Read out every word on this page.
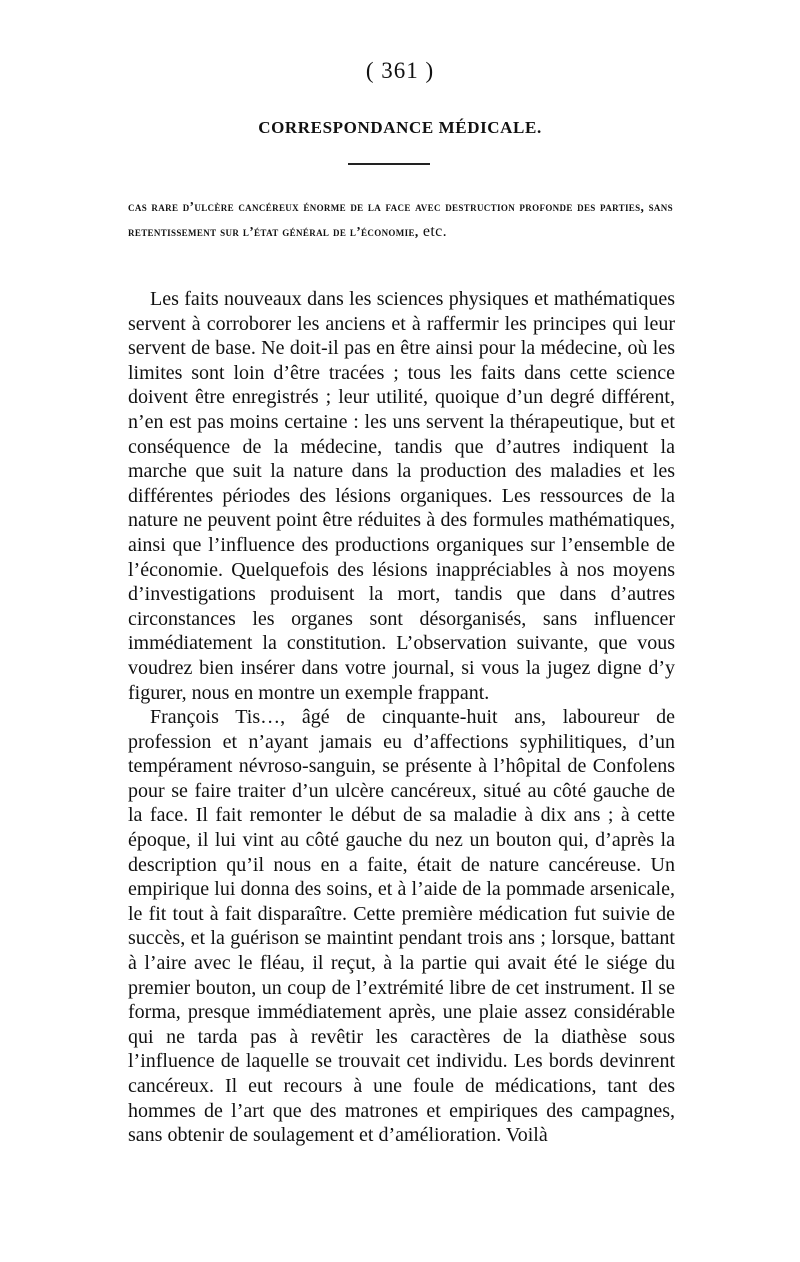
( 361 )
CORRESPONDANCE MÉDICALE.
cas rare d’ulcère cancéreux énorme de la face avec destruction profonde des parties, sans retentissement sur l’état général de l’économie, etc.

Les faits nouveaux dans les sciences physiques et mathématiques servent à corroborer les anciens et à raffermir les principes qui leur servent de base. Ne doit-il pas en être ainsi pour la médecine, où les limites sont loin d’être tracées ; tous les faits dans cette science doivent être enregistrés ; leur utilité, quoique d’un degré différent, n’en est pas moins certaine : les uns servent la thérapeutique, but et conséquence de la médecine, tandis que d’autres indiquent la marche que suit la nature dans la production des maladies et les différentes périodes des lésions organiques. Les ressources de la nature ne peuvent point être réduites à des formules mathématiques, ainsi que l’influence des productions organiques sur l’ensemble de l’économie. Quelquefois des lésions inappréciables à nos moyens d’investigations produisent la mort, tandis que dans d’autres circonstances les organes sont désorganisés, sans influencer immédiatement la constitution. L’observation suivante, que vous voudrez bien insérer dans votre journal, si vous la jugez digne d’y figurer, nous en montre un exemple frappant.

François Tis…, âgé de cinquante-huit ans, laboureur de profession et n’ayant jamais eu d’affections syphilitiques, d’un tempérament névroso-sanguin, se présente à l’hôpital de Confolens pour se faire traiter d’un ulcère cancéreux, situé au côté gauche de la face. Il fait remonter le début de sa maladie à dix ans ; à cette époque, il lui vint au côté gauche du nez un bouton qui, d’après la description qu’il nous en a faite, était de nature cancéreuse. Un empirique lui donna des soins, et à l’aide de la pommade arsenicale, le fit tout à fait disparaître. Cette première médication fut suivie de succès, et la guérison se maintint pendant trois ans ; lorsque, battant à l’aire avec le fléau, il reçut, à la partie qui avait été le siége du premier bouton, un coup de l’extrémité libre de cet instrument. Il se forma, presque immédiatement après, une plaie assez considérable qui ne tarda pas à revêtir les caractères de la diathèse sous l’influence de laquelle se trouvait cet individu. Les bords devinrent cancéreux. Il eut recours à une foule de médications, tant des hommes de l’art que des matrones et empiriques des campagnes, sans obtenir de soulagement et d’amélioration. Voilà
